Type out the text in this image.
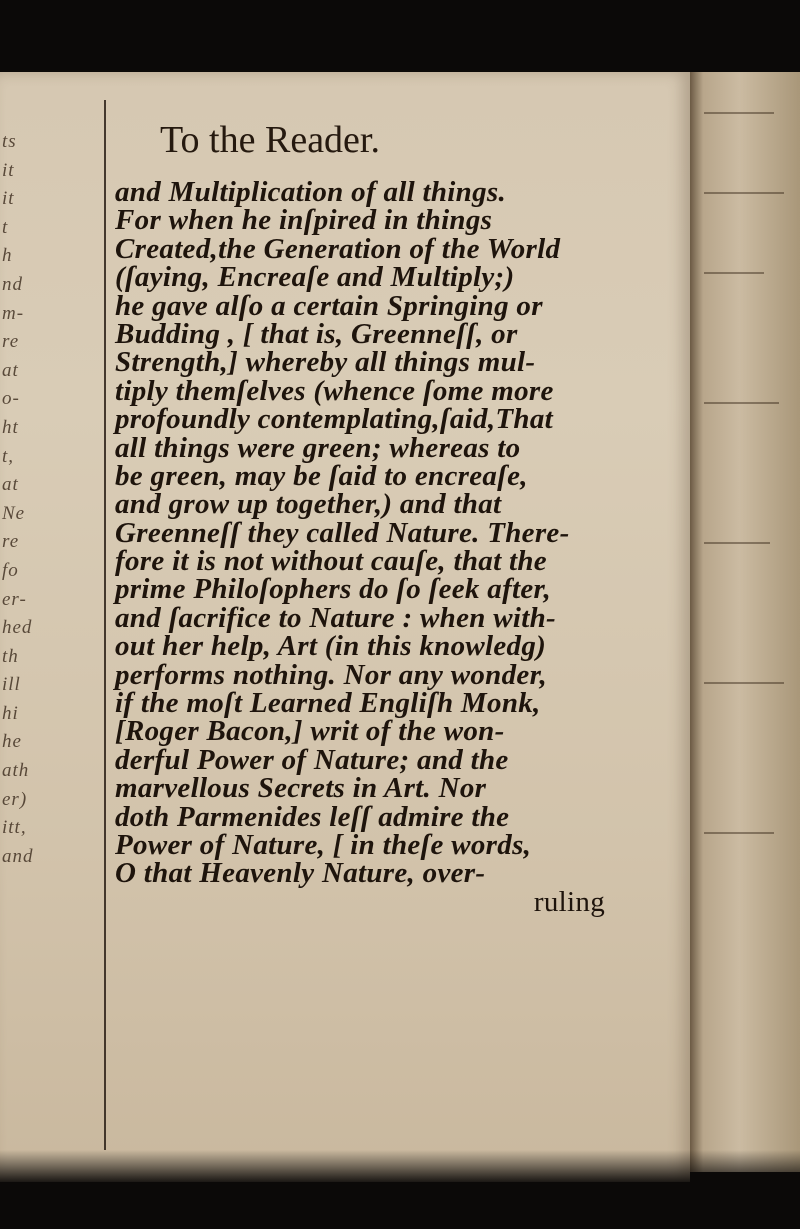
ts
it
it
t
h
nd
m-
re
at
o-
ht
t,
at
Ne
re
fo
er-
hed
th
ill
hi
he
ath
er)
itt,
and
To the Reader.
and Multiplication of all things.
For when he inſpired in things
Created,the Generation of the World
(ſaying, Encreaſe and Multiply;)
he gave alſo a certain Springing or
Budding , [ that is, Greenneſſ, or
Strength,] whereby all things mul-
tiply themſelves (whence ſome more
profoundly contemplating,ſaid,That
all things were green; whereas to
be green, may be ſaid to encreaſe,
and grow up together,) and that
Greenneſſ they called Nature. There-
fore it is not without cauſe, that the
prime Philoſophers do ſo ſeek after,
and ſacrifice to Nature : when with-
out her help, Art (in this knowledg)
performs nothing. Nor any wonder,
if the moſt Learned Engliſh Monk,
[Roger Bacon,] writ of the won-
derful Power of Nature; and the
marvellous Secrets in Art. Nor
doth Parmenides leſſ admire the
Power of Nature, [ in theſe words,
O that Heavenly Nature, over-
ruling
